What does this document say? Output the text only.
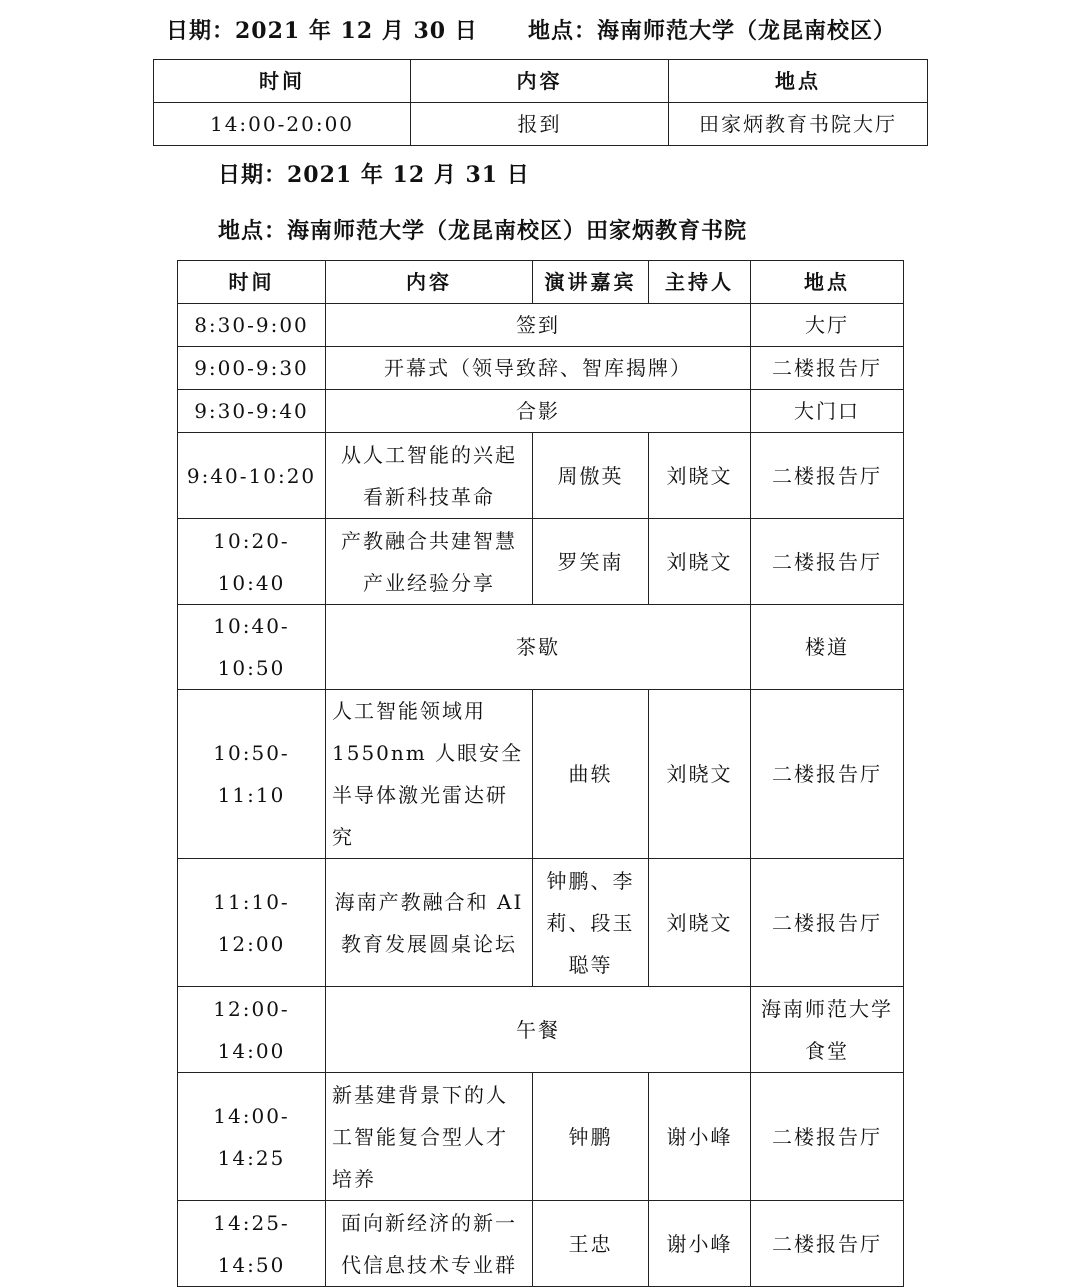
日期：2021 年 12 月 30 日 地点：海南师范大学（龙昆南校区）
时间	内容	地点
14:00-20:00	报到	田家炳教育书院大厅
日期：2021 年 12 月 31 日
地点：海南师范大学（龙昆南校区）田家炳教育书院
时间	内容	演讲嘉宾	主持人	地点
8:30-9:00	签到			大厅
9:00-9:30	开幕式（领导致辞、智库揭牌）			二楼报告厅
9:30-9:40	合影			大门口
9:40-10:20	从人工智能的兴起看新科技革命	周傲英	刘晓文	二楼报告厅
10:20-10:40	产教融合共建智慧产业经验分享	罗笑南	刘晓文	二楼报告厅
10:40-10:50	茶歇			楼道
10:50-11:10	人工智能领域用1550nm 人眼安全半导体激光雷达研究	曲轶	刘晓文	二楼报告厅
11:10-12:00	海南产教融合和 AI 教育发展圆桌论坛	钟鹏、李莉、段玉聪等	刘晓文	二楼报告厅
12:00-14:00	午餐			海南师范大学食堂
14:00-14:25	新基建背景下的人工智能复合型人才培养	钟鹏	谢小峰	二楼报告厅
14:25-14:50	面向新经济的新一代信息技术专业群	王忠	谢小峰	二楼报告厅
